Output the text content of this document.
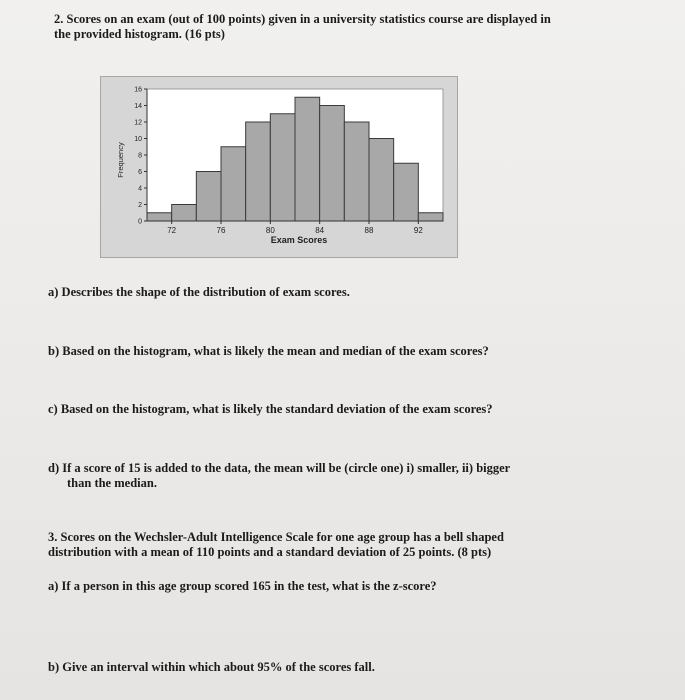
2. Scores on an exam (out of 100 points) given in a university statistics course are displayed in
the provided histogram. (16 pts)
0
2
4
6
8
10
12
14
16
72	76	80	84	88	92
Exam Scores
Frequency
a) Describes the shape of the distribution of exam scores.
b) Based on the histogram, what is likely the mean and median of the exam scores?
c) Based on the histogram, what is likely the standard deviation of the exam scores?
d) If a score of 15 is added to the data, the mean will be (circle one) i) smaller, ii) bigger
than the median.
3. Scores on the Wechsler-Adult Intelligence Scale for one age group has a bell shaped
distribution with a mean of 110 points and a standard deviation of 25 points. (8 pts)
a) If a person in this age group scored 165 in the test, what is the z-score?
b) Give an interval within which about 95% of the scores fall.
